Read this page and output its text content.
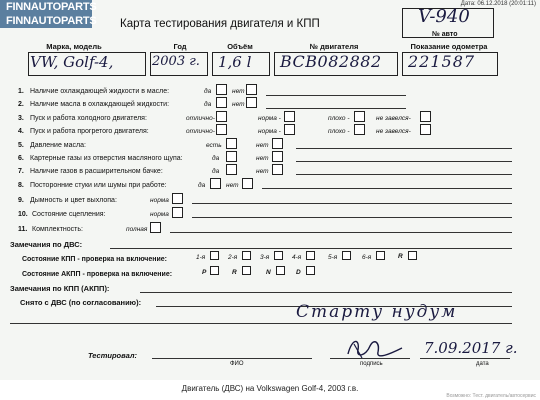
FINNAUTOPARTS
FINNAUTOPARTS
Дата: 06.12.2018 (20:01:11)
Карта тестирования двигателя и КПП	V-940
№ авто
Марка, модель	Год	Объём	№ двигателя	Показание одометра
VW, Golf-4,	2003 г. 1,6 l BCB082882 221587
1. Наличие охлаждающей жидкости в масле:	да	нет
2. Наличие масла в охлаждающей жидкости:	да	нет
3. Пуск и работа холодного двигателя:	отлично-	норма -	плохо -	не завелся-
4. Пуск и работа прогретого двигателя:	отлично-	норма -	плохо -	не завелся-
5. Давление масла:	есть	нет
6. Картерные газы из отверстия масляного щупа:	да	нет
7. Наличие газов в расширительном бачке:	да	нет
8. Посторонние стуки или шумы при работе:	да	нет
9. Дымность и цвет выхлопа:	норма
10. Состояние сцепления:	норма
11. Комплектность:	полная
Замечания по ДВС:
Состояние КПП - проверка на включение:	1-я	2-я	3-я	4-я	5-я	6-я	R
Состояние АКПП - проверка на включение:	P	R	N	D
Замечания по КПП (АКПП):
Снято с ДВС (по согласованию):	Старту нудум
Тестировал:
ФИО	подпись	дата
7.09.2017 г.
Двигатель (ДВС) на Volkswagen Golf-4, 2003 г.в.
Возможно: Тест. двигатель/автосервис
